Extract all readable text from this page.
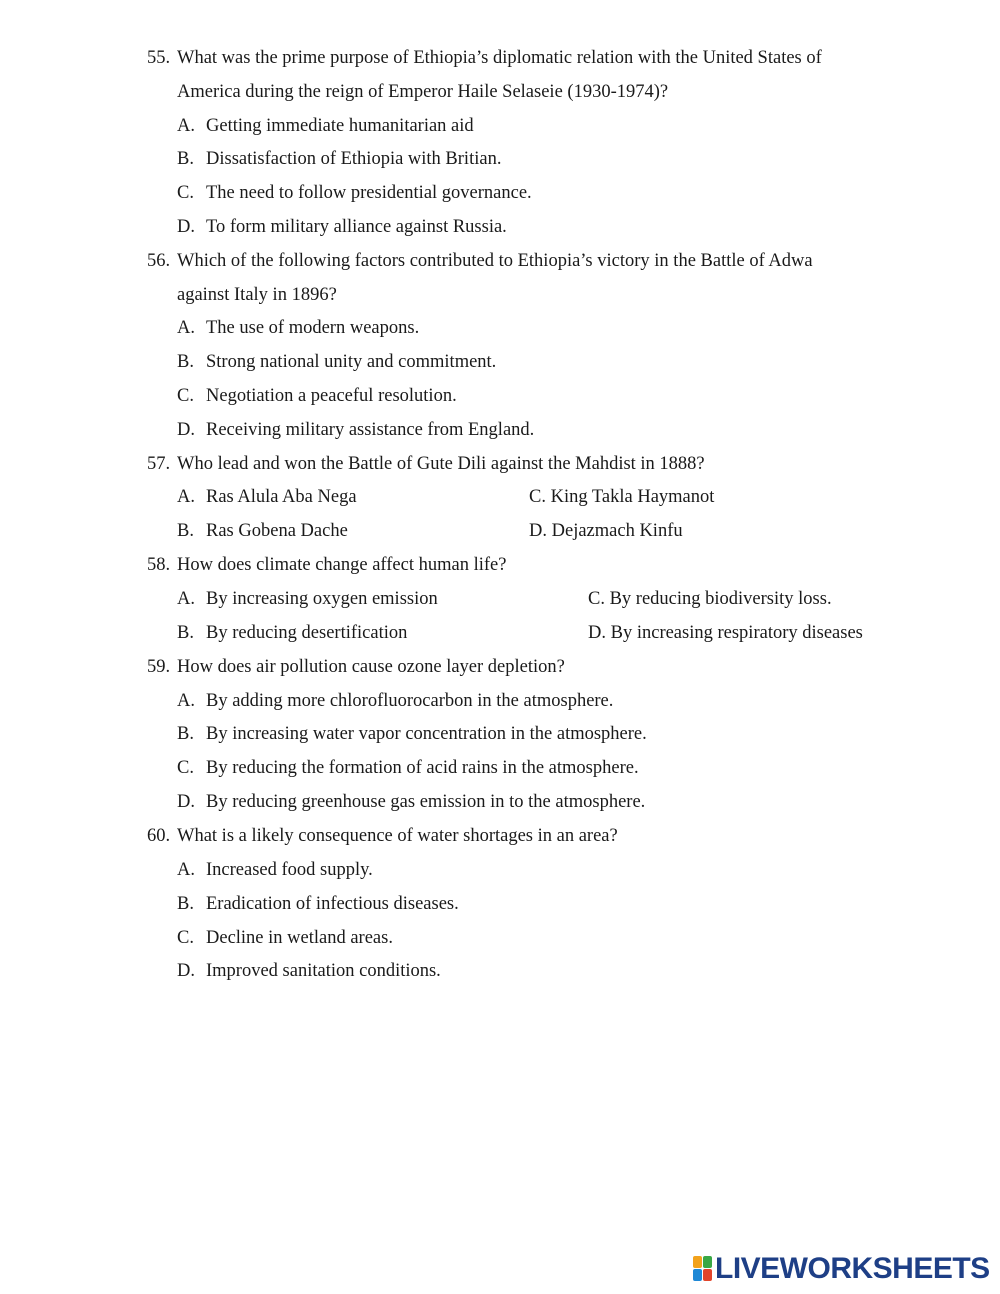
55. What was the prime purpose of Ethiopia’s diplomatic relation with the United States of
America during the reign of Emperor Haile Selaseie (1930-1974)?
A. Getting immediate humanitarian aid
B. Dissatisfaction of Ethiopia with Britian.
C. The need to follow presidential governance.
D. To form military alliance against Russia.
56. Which of the following factors contributed to Ethiopia’s victory in the Battle of Adwa
against Italy in 1896?
A. The use of modern weapons.
B. Strong national unity and commitment.
C. Negotiation a peaceful resolution.
D. Receiving military assistance from England.
57. Who lead and won the Battle of Gute Dili against the Mahdist in 1888?
A. Ras Alula Aba Nega	C. King Takla Haymanot
B. Ras Gobena Dache	D. Dejazmach Kinfu
58. How does climate change affect human life?
A. By increasing oxygen emission	C. By reducing biodiversity loss.
B. By reducing desertification	D. By increasing respiratory diseases
59. How does air pollution cause ozone layer depletion?
A. By adding more chlorofluorocarbon in the atmosphere.
B. By increasing water vapor concentration in the atmosphere.
C. By reducing the formation of acid rains in the atmosphere.
D. By reducing greenhouse gas emission in to the atmosphere.
60. What is a likely consequence of water shortages in an area?
A. Increased food supply.
B. Eradication of infectious diseases.
C. Decline in wetland areas.
D. Improved sanitation conditions.
LIVEWORKSHEETS
